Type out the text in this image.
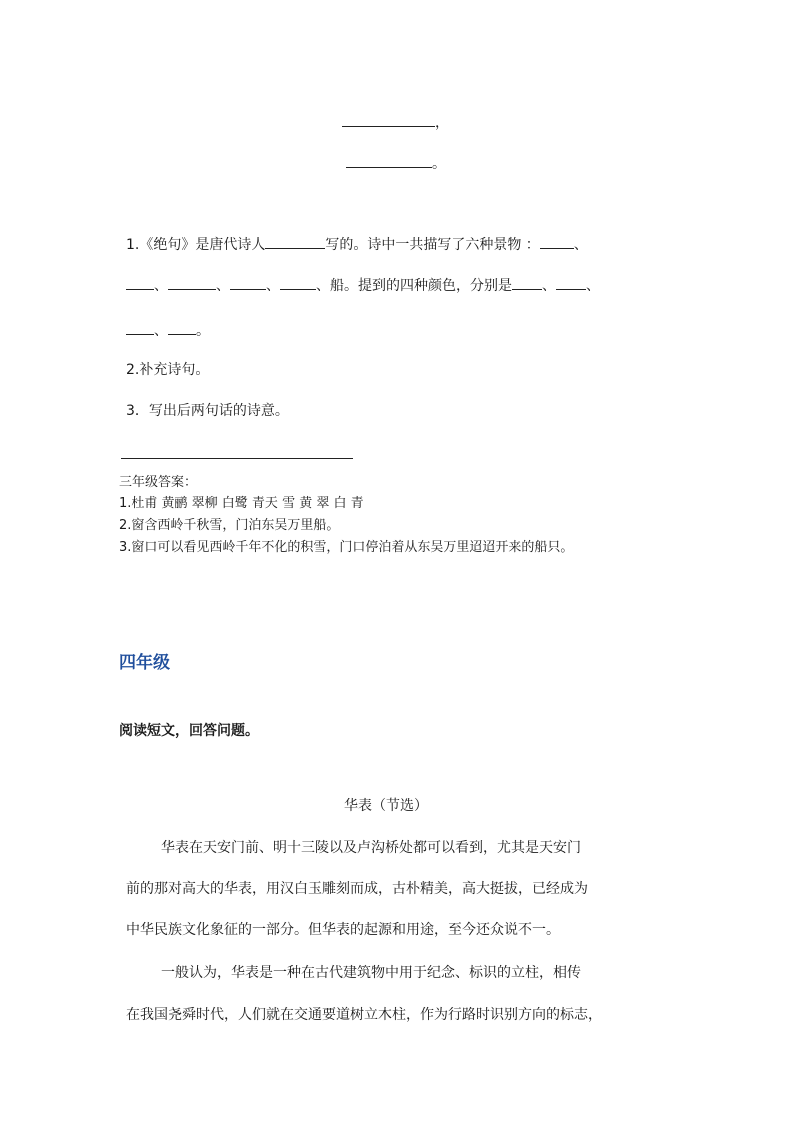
，
。
1.《绝句》是唐代诗人	写的。诗中一共描写了六种景物 ： 、
、	、	、	、船。提到的四种颜色，分别是 、 、
、 。
2.补充诗句。
3．写出后两句话的诗意。
三年级答案：
1.杜甫 黄鹂 翠柳 白鹭 青天 雪 黄 翠 白 青
2.窗含西岭千秋雪，门泊东吴万里船。
3.窗口可以看见西岭千年不化的积雪，门口停泊着从东吴万里迢迢开来的船只。
四年级
阅读短文，回答问题。
华表（节选）
华表在天安门前、明十三陵以及卢沟桥处都可以看到，尤其是天安门
前的那对高大的华表，用汉白玉雕刻而成，古朴精美，高大挺拔，已经成为
中华民族文化象征的一部分。但华表的起源和用途，至今还众说不一。
一般认为，华表是一种在古代建筑物中用于纪念、标识的立柱，相传
在我国尧舜时代，人们就在交通要道树立木柱，作为行路时识别方向的标志，
